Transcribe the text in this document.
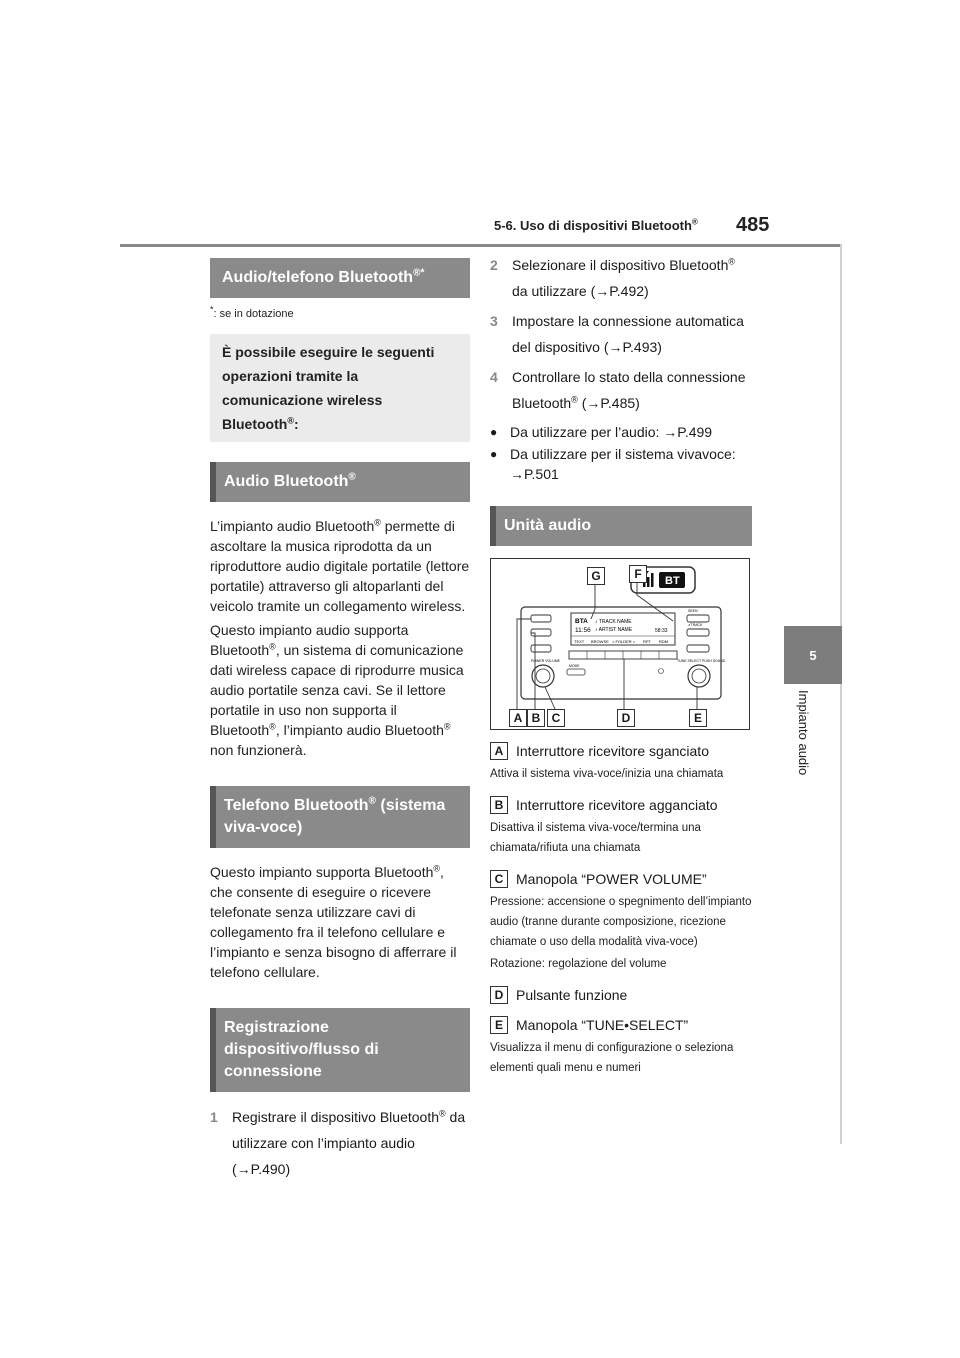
5-6. Uso di dispositivi Bluetooth® 485
5
Impianto audio
Audio/telefono Bluetooth®*

*: se in dotazione

È possibile eseguire le seguenti operazioni tramite la comunicazione wireless Bluetooth®:
Audio Bluetooth®

L’impianto audio Bluetooth® permette di ascoltare la musica riprodotta da un riproduttore audio digitale portatile (lettore portatile) attraverso gli altoparlanti del veicolo tramite un collegamento wireless.

Questo impianto audio supporta Bluetooth®, un sistema di comunicazione dati wireless capace di riprodurre musica audio portatile senza cavi. Se il lettore portatile in uso non supporta il Bluetooth®, l’impianto audio Bluetooth® non funzionerà.

Telefono Bluetooth® (sistema viva-voce)

Questo impianto supporta Bluetooth®, che consente di eseguire o ricevere telefonate senza utilizzare cavi di collegamento fra il telefono cellulare e l’impianto e senza bisogno di afferrare il telefono cellulare.

Registrazione dispositivo/flusso di connessione
1	Registrare il dispositivo Bluetooth® da utilizzare con l’impianto audio (→P.490)
2	Selezionare il dispositivo Bluetooth® da utilizzare (→P.492)
3	Impostare la connessione automatica del dispositivo (→P.493)
4	Controllare lo stato della connessione Bluetooth® (→P.485)
● Da utilizzare per l’audio: →P.499
● Da utilizzare per il sistema vivavoce: →P.501
Unità audio
BTA
11:56
♪ TRACK NAME
♪ ARTIST NAME	58:33
TEXT BROWSE < FOLDER > RPT RDM
SEEK/
∧TRACK
POWER VOLUME	TUNE SELECT PUSH SOUND
MODE
BT
G	F
A B C	D	E
A Interruttore ricevitore sganciato
Attiva il sistema viva-voce/inizia una chiamata
B Interruttore ricevitore agganciato
Disattiva il sistema viva-voce/termina una chiamata/rifiuta una chiamata
C Manopola “POWER VOLUME”
Pressione: accensione o spegnimento dell’impianto audio (tranne durante composizione, ricezione chiamate o uso della modalità viva-voce)
Rotazione: regolazione del volume
D Pulsante funzione
E Manopola “TUNE•SELECT”
Visualizza il menu di configurazione o seleziona elementi quali menu e numeri
